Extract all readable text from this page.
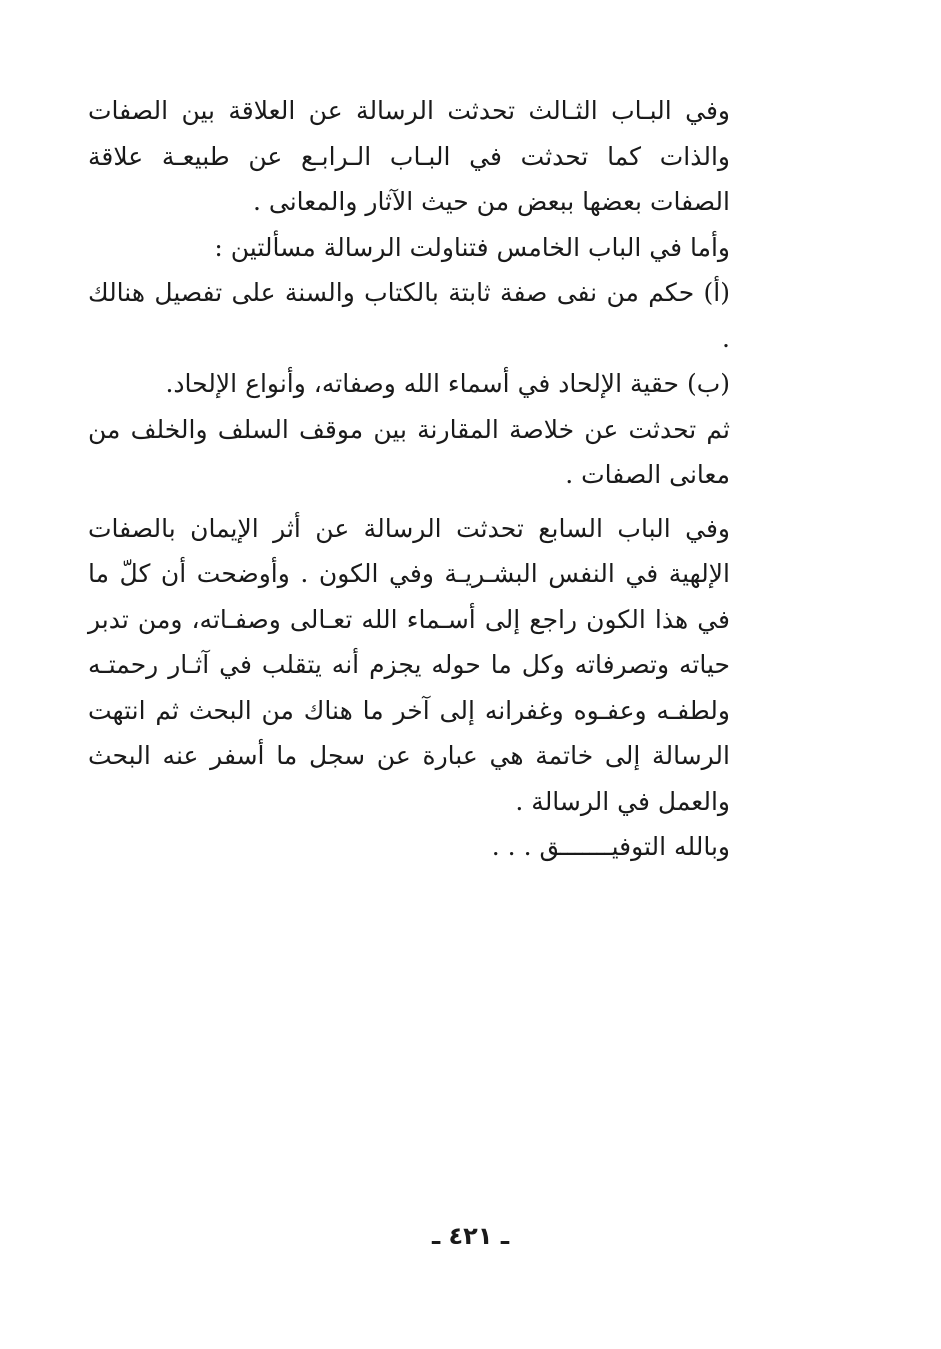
وفي البـاب الثـالث تحدثت الرسالة عن العلاقة بين الصفات والذات كما تحدثت في البـاب الـرابـع عن طبيعـة علاقة الصفات بعضها ببعض من حيث الآثار والمعانى .

وأما في الباب الخامس فتناولت الرسالة مسألتين :

(أ) حكم من نفى صفة ثابتة بالكتاب والسنة على تفصيل هنالك .

(ب) حقية الإلحاد في أسماء الله وصفاته، وأنواع الإلحاد.

ثم تحدثت عن خلاصة المقارنة بين موقف السلف والخلف من معانى الصفات .

وفي الباب السابع تحدثت الرسالة عن أثر الإيمان بالصفات الإلهية في النفس البشـريـة وفي الكون . وأوضحت أن كلّ ما في هذا الكون راجع إلى أسـماء الله تعـالى وصفـاته، ومن تدبر حياته وتصرفاته وكل ما حوله يجزم أنه يتقلب في آثـار رحمتـه ولطفـه وعفـوه وغفرانه إلى آخر ما هناك من البحث ثم انتهت الرسالة إلى خاتمة هي عبارة عن سجل ما أسفر عنه البحث والعمل في الرسالة .

وبالله التوفيـــــــق . . .

ـ ٤٢١ ـ
